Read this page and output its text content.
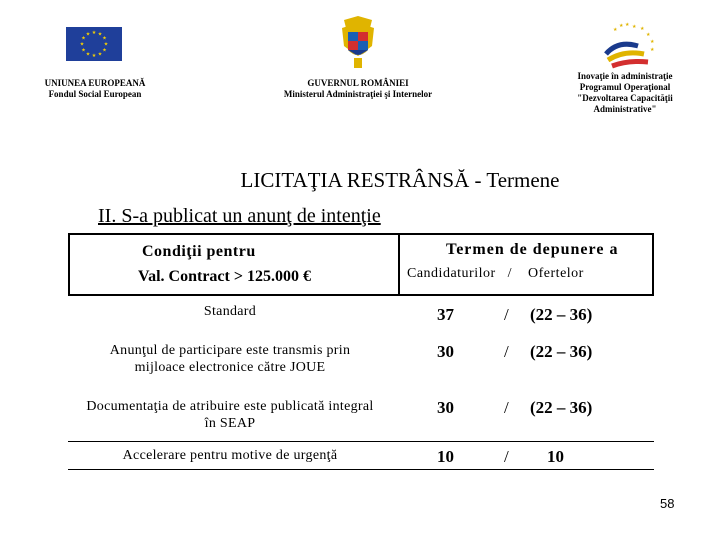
★ ★
★
★
★
★
★
★
★
★
★
★
★ ★
★
★
★
★
★
★
UNIUNEA EUROPEANĂ
Fondul Social European
GUVERNUL ROMÂNIEI
Ministerul Administraţiei şi Internelor
Inovaţie în administraţie
Programul Operaţional
"Dezvoltarea Capacităţii
Administrative"
LICITAŢIA RESTRÂNSĂ - Termene
II. S-a publicat un anunţ de intenţie
Condiţii pentru
Val. Contract > 125.000 €
Termen de depunere a
Candidaturilor   /    Ofertelor
Standard	37	/ (22 – 36)
Anunţul de participare este transmis prin
mijloace electronice către JOUE
30	/ (22 – 36)
Documentaţia de atribuire este publicată integral
în SEAP
30	/ (22 – 36)
Accelerare pentru motive de urgenţă	10	/ 10
58
